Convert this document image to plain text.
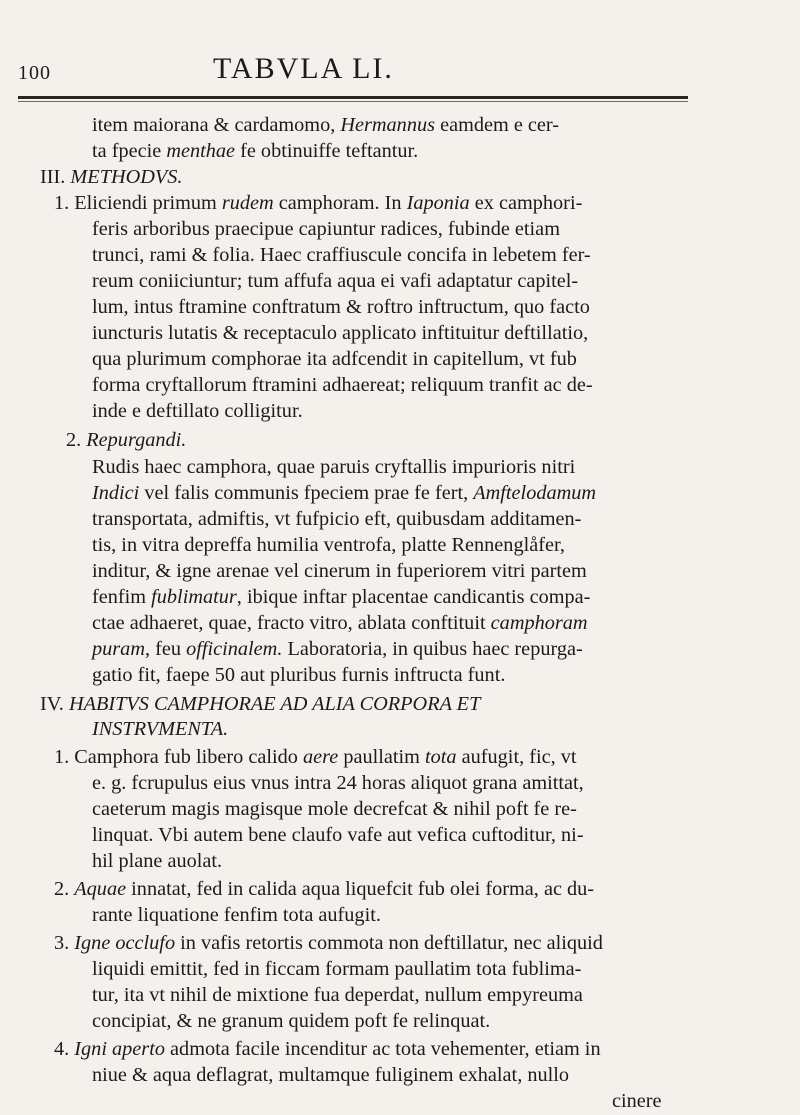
100	TABVLA LI.
item maiorana & cardamomo, Hermannus eamdem e cer-
ta fpecie menthae fe obtinuiffe teftantur.
III. METHODVS.
1. Eliciendi primum rudem camphoram. In Iaponia ex camphori-
feris arboribus praecipue capiuntur radices, fubinde etiam
trunci, rami & folia. Haec craffiuscule concifa in lebetem fer-
reum coniiciuntur; tum affufa aqua ei vafi adaptatur capitel-
lum, intus ftramine conftratum & roftro inftructum, quo facto
iuncturis lutatis & receptaculo applicato inftituitur deftillatio,
qua plurimum comphorae ita adfcendit in capitellum, vt fub
forma cryftallorum ftramini adhaereat; reliquum tranfit ac de-
inde e deftillato colligitur.
2. Repurgandi.
Rudis haec camphora, quae paruis cryftallis impurioris nitri
Indici vel falis communis fpeciem prae fe fert, Amftelodamum
transportata, admiftis, vt fufpicio eft, quibusdam additamen-
tis, in vitra depreffa humilia ventrofa, platte Rennenglåfer,
inditur, & igne arenae vel cinerum in fuperiorem vitri partem
fenfim fublimatur, ibique inftar placentae candicantis compa-
ctae adhaeret, quae, fracto vitro, ablata conftituit camphoram
puram, feu officinalem. Laboratoria, in quibus haec repurga-
gatio fit, faepe 50 aut pluribus furnis inftructa funt.
IV. HABITVS CAMPHORAE AD ALIA CORPORA ET
INSTRVMENTA.
1. Camphora fub libero calido aere paullatim tota aufugit, fic, vt
e. g. fcrupulus eius vnus intra 24 horas aliquot grana amittat,
caeterum magis magisque mole decrefcat & nihil poft fe re-
linquat. Vbi autem bene claufo vafe aut vefica cuftoditur, ni-
hil plane auolat.
2. Aquae innatat, fed in calida aqua liquefcit fub olei forma, ac du-
rante liquatione fenfim tota aufugit.
3. Igne occlufo in vafis retortis commota non deftillatur, nec aliquid
liquidi emittit, fed in ficcam formam paullatim tota fublima-
tur, ita vt nihil de mixtione fua deperdat, nullum empyreuma
concipiat, & ne granum quidem poft fe relinquat.
4. Igni aperto admota facile incenditur ac tota vehementer, etiam in
niue & aqua deflagrat, multamque fuliginem exhalat, nullo
cinere
